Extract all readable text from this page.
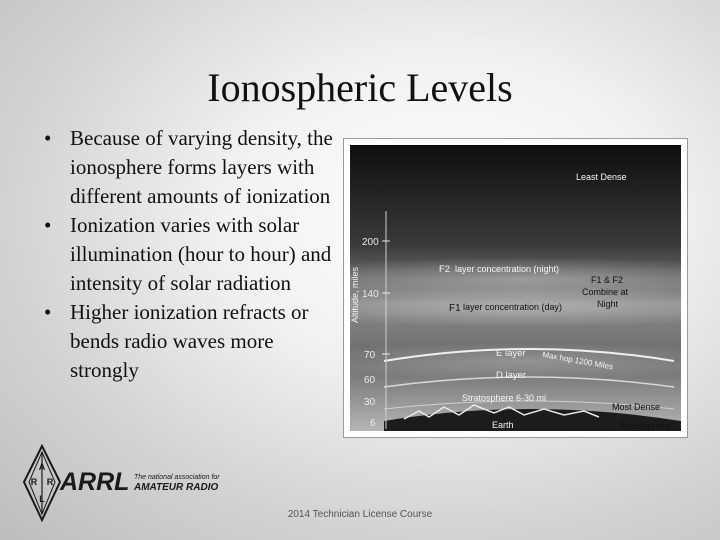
Ionospheric Levels
• Because of varying density, the ionosphere forms layers with different amounts of ionization
• Ionization varies with solar illumination (hour to hour) and intensity of solar radiation
• Higher ionization refracts or bends radio waves more strongly
Altitude, miles
200
140
70
60
30
6
Least Dense
F2 layer concentration (night)
F1 & F2
Combine at
Night
F1 layer concentration (day)
E layer Max hop 1200 Miles
D layer
Stratosphere 6-30 mi
Most Dense
Earth	Troposphere
A
R R
L
ARRL The national association for
AMATEUR RADIO
2014 Technician License Course
